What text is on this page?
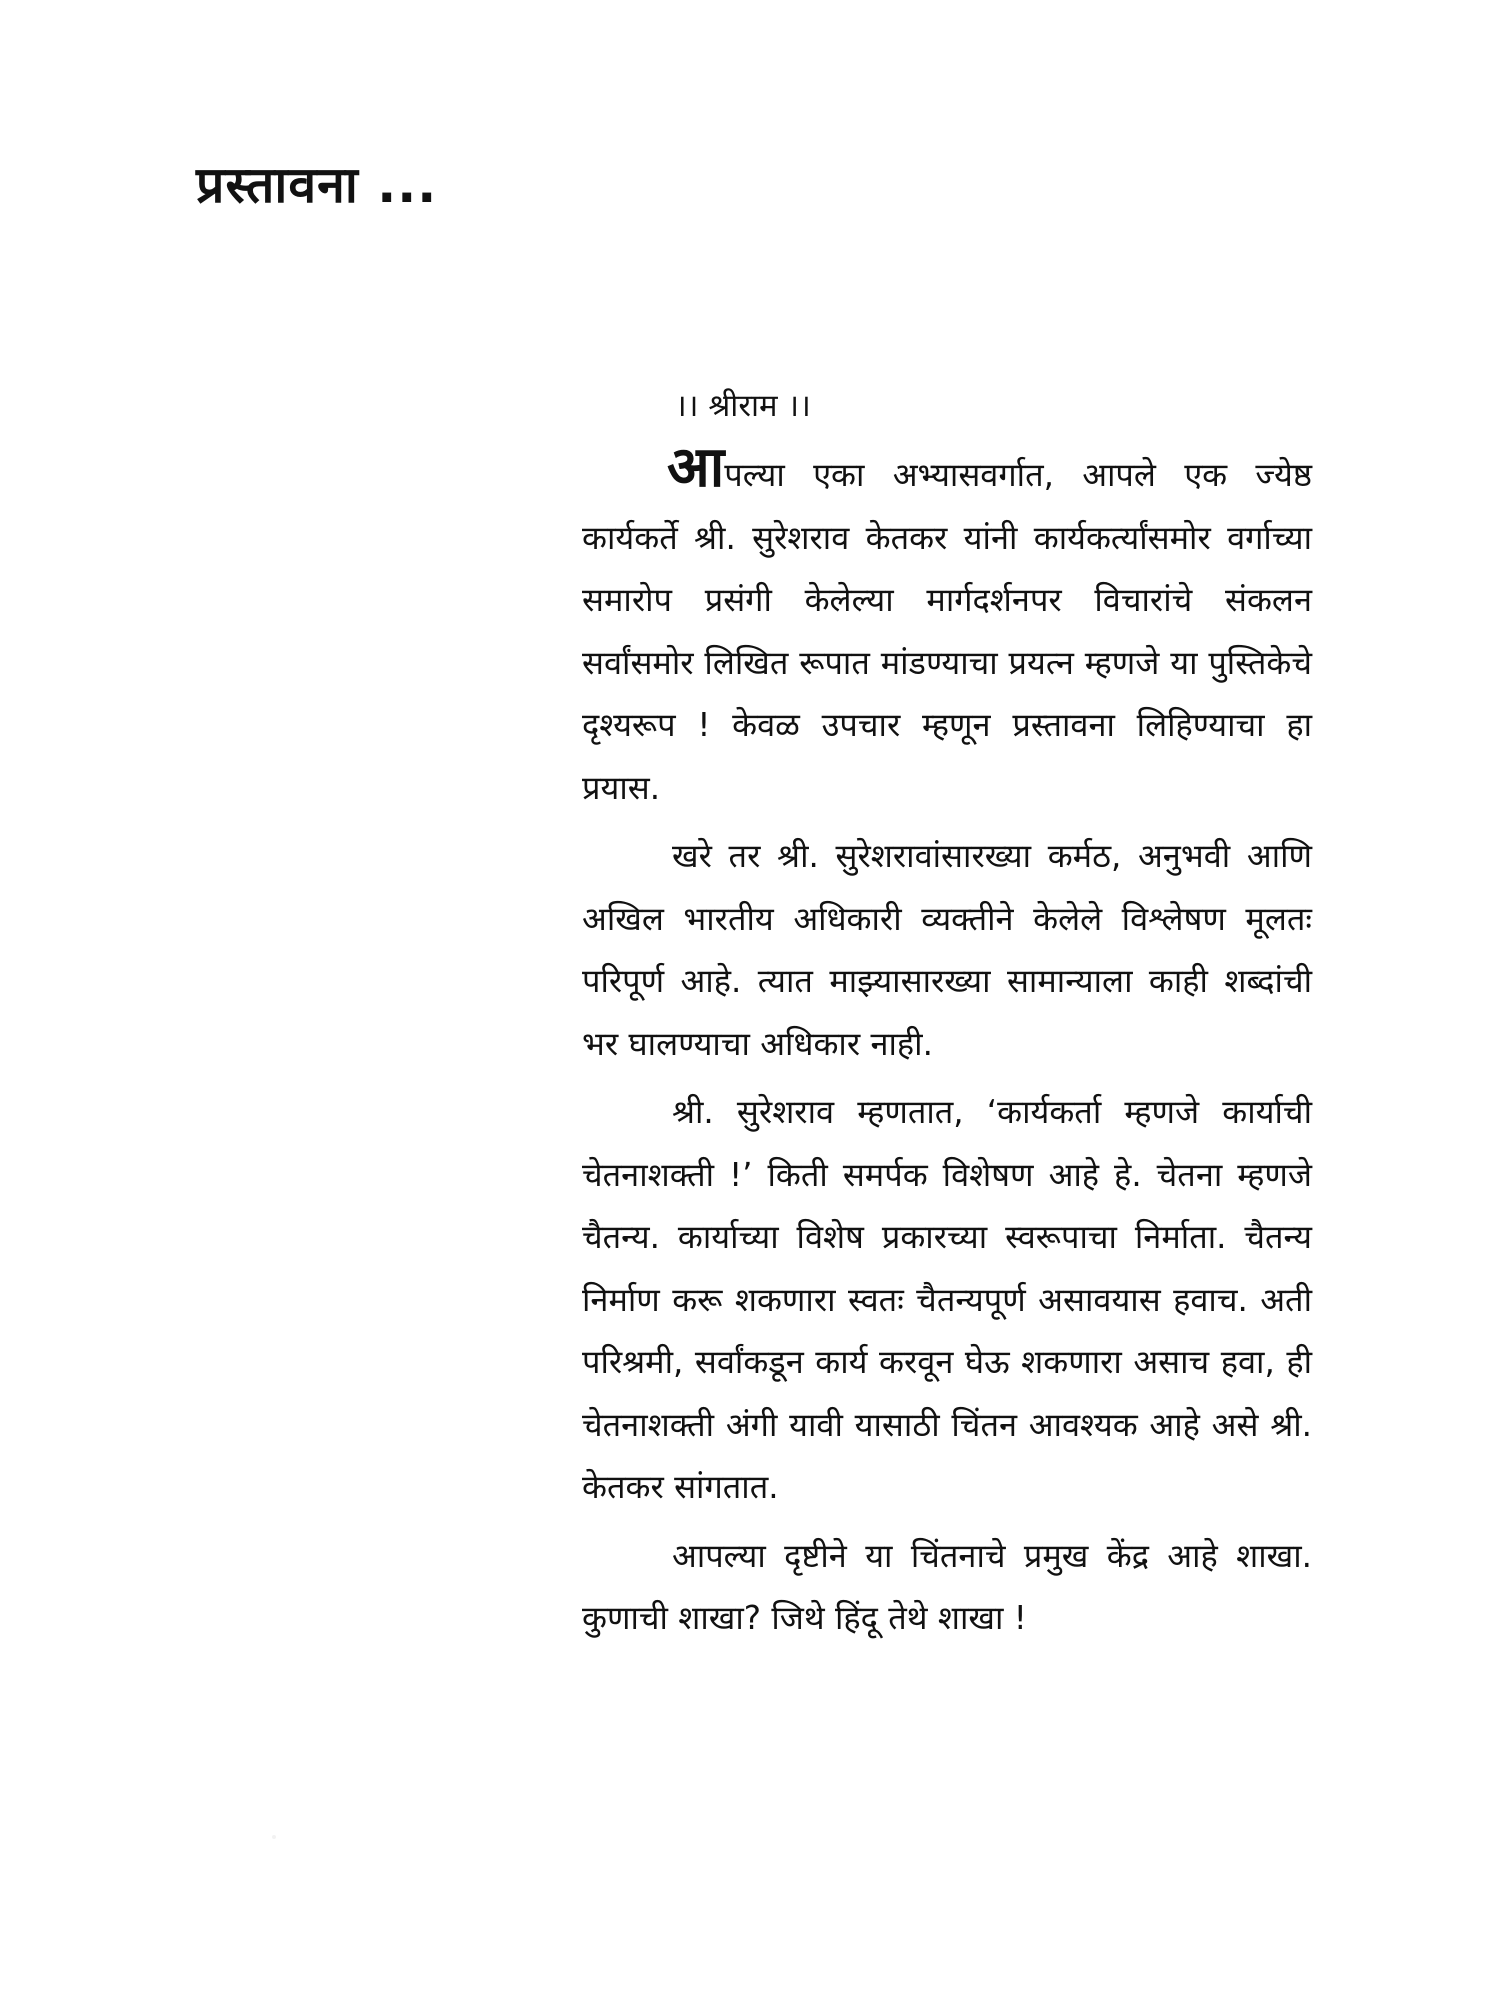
प्रस्तावना ...
।। श्रीराम ।।

आपल्या एका अभ्यासवर्गात, आपले एक ज्येष्ठ कार्यकर्ते श्री. सुरेशराव केतकर यांनी कार्यकर्त्यांसमोर वर्गाच्या समारोप प्रसंगी केलेल्या मार्गदर्शनपर विचारांचे संकलन सर्वांसमोर लिखित रूपात मांडण्याचा प्रयत्न म्हणजे या पुस्तिकेचे दृश्यरूप ! केवळ उपचार म्हणून प्रस्तावना लिहिण्याचा हा प्रयास.

खरे तर श्री. सुरेशरावांसारख्या कर्मठ, अनुभवी आणि अखिल भारतीय अधिकारी व्यक्तीने केलेले विश्लेषण मूलतः परिपूर्ण आहे. त्यात माझ्यासारख्या सामान्याला काही शब्दांची भर घालण्याचा अधिकार नाही.

श्री. सुरेशराव म्हणतात, ‘कार्यकर्ता म्हणजे कार्याची चेतनाशक्ती !’ किती समर्पक विशेषण आहे हे. चेतना म्हणजे चैतन्य. कार्याच्या विशेष प्रकारच्या स्वरूपाचा निर्माता. चैतन्य निर्माण करू शकणारा स्वतः चैतन्यपूर्ण असावयास हवाच. अती परिश्रमी, सर्वांकडून कार्य करवून घेऊ शकणारा असाच हवा, ही चेतनाशक्ती अंगी यावी यासाठी चिंतन आवश्यक आहे असे श्री. केतकर सांगतात.

आपल्या दृष्टीने या चिंतनाचे प्रमुख केंद्र आहे शाखा. कुणाची शाखा? जिथे हिंदू तेथे शाखा !
